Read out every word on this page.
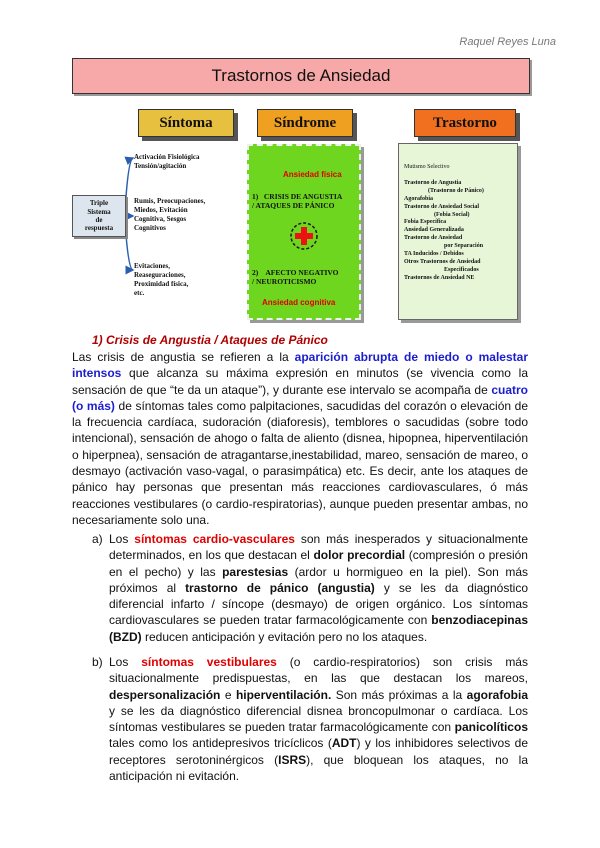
Raquel Reyes Luna
Trastornos de Ansiedad
Síntoma	Síndrome	Trastorno
Triple
Sistema
de
respuesta
Activación Fisiológica
Tensión/agitación
Rumis, Preocupaciones,
Miedos, Evitación
Cognitiva, Sesgos
Cognitivos
Evitaciones,
Reaseguraciones,
Proximidad física,
etc.
Ansiedad física
1) CRISIS DE ANGUSTIA
/ ATAQUES DE PÁNICO
2) AFECTO NEGATIVO
/ NEUROTICISMO
Ansiedad cognitiva
Mutismo Selectivo
Trastorno de Angustia
(Trastorno de Pánico)
Agorafobia
Trastorno de Ansiedad Social
(Fobia Social)
Fobia Específica
Ansiedad Generalizada
Trastorno de Ansiedad
por Separación
TA Inducidos / Debidos
Otros Trastornos de Ansiedad
Especificados
Trastornos de Ansiedad NE
1) Crisis de Angustia / Ataques de Pánico
Las crisis de angustia se refieren a la aparición abrupta de miedo o malestar intensos que alcanza su máxima expresión en minutos (se vivencia como la sensación de que “te da un ataque”), y durante ese intervalo se acompaña de cuatro (o más) de síntomas tales como palpitaciones, sacudidas del corazón o elevación de la frecuencia cardíaca, sudoración (diaforesis), temblores o sacudidas (sobre todo intencional), sensación de ahogo o falta de aliento (disnea, hipopnea, hiperventilación o hiperpnea), sensación de atragantarse,inestabilidad, mareo, sensación de mareo, o desmayo (activación vaso-vagal, o parasimpática) etc. Es decir, ante los ataques de pánico hay personas que presentan más reacciones cardiovasculares, ó más reacciones vestibulares (o cardio-respiratorias), aunque pueden presentar ambas, no necesariamente solo una.
a) Los síntomas cardio-vasculares son más inesperados y situacionalmente determinados, en los que destacan el dolor precordial (compresión o presión en el pecho) y las parestesias (ardor u hormigueo en la piel). Son más próximos al trastorno de pánico (angustia) y se les da diagnóstico diferencial infarto / síncope (desmayo) de origen orgánico. Los síntomas cardiovasculares se pueden tratar farmacológicamente con benzodiacepinas (BZD) reducen anticipación y evitación pero no los ataques.
b) Los síntomas vestibulares (o cardio-respiratorios) son crisis más situacionalmente predispuestas, en las que destacan los mareos, despersonalización e hiperventilación. Son más próximas a la agorafobia y se les da diagnóstico diferencial disnea broncopulmonar o cardíaca. Los síntomas vestibulares se pueden tratar farmacológicamente con panicolíticos tales como los antidepresivos tricíclicos (ADT) y los inhibidores selectivos de receptores serotoninérgicos (ISRS), que bloquean los ataques, no la anticipación ni evitación.
